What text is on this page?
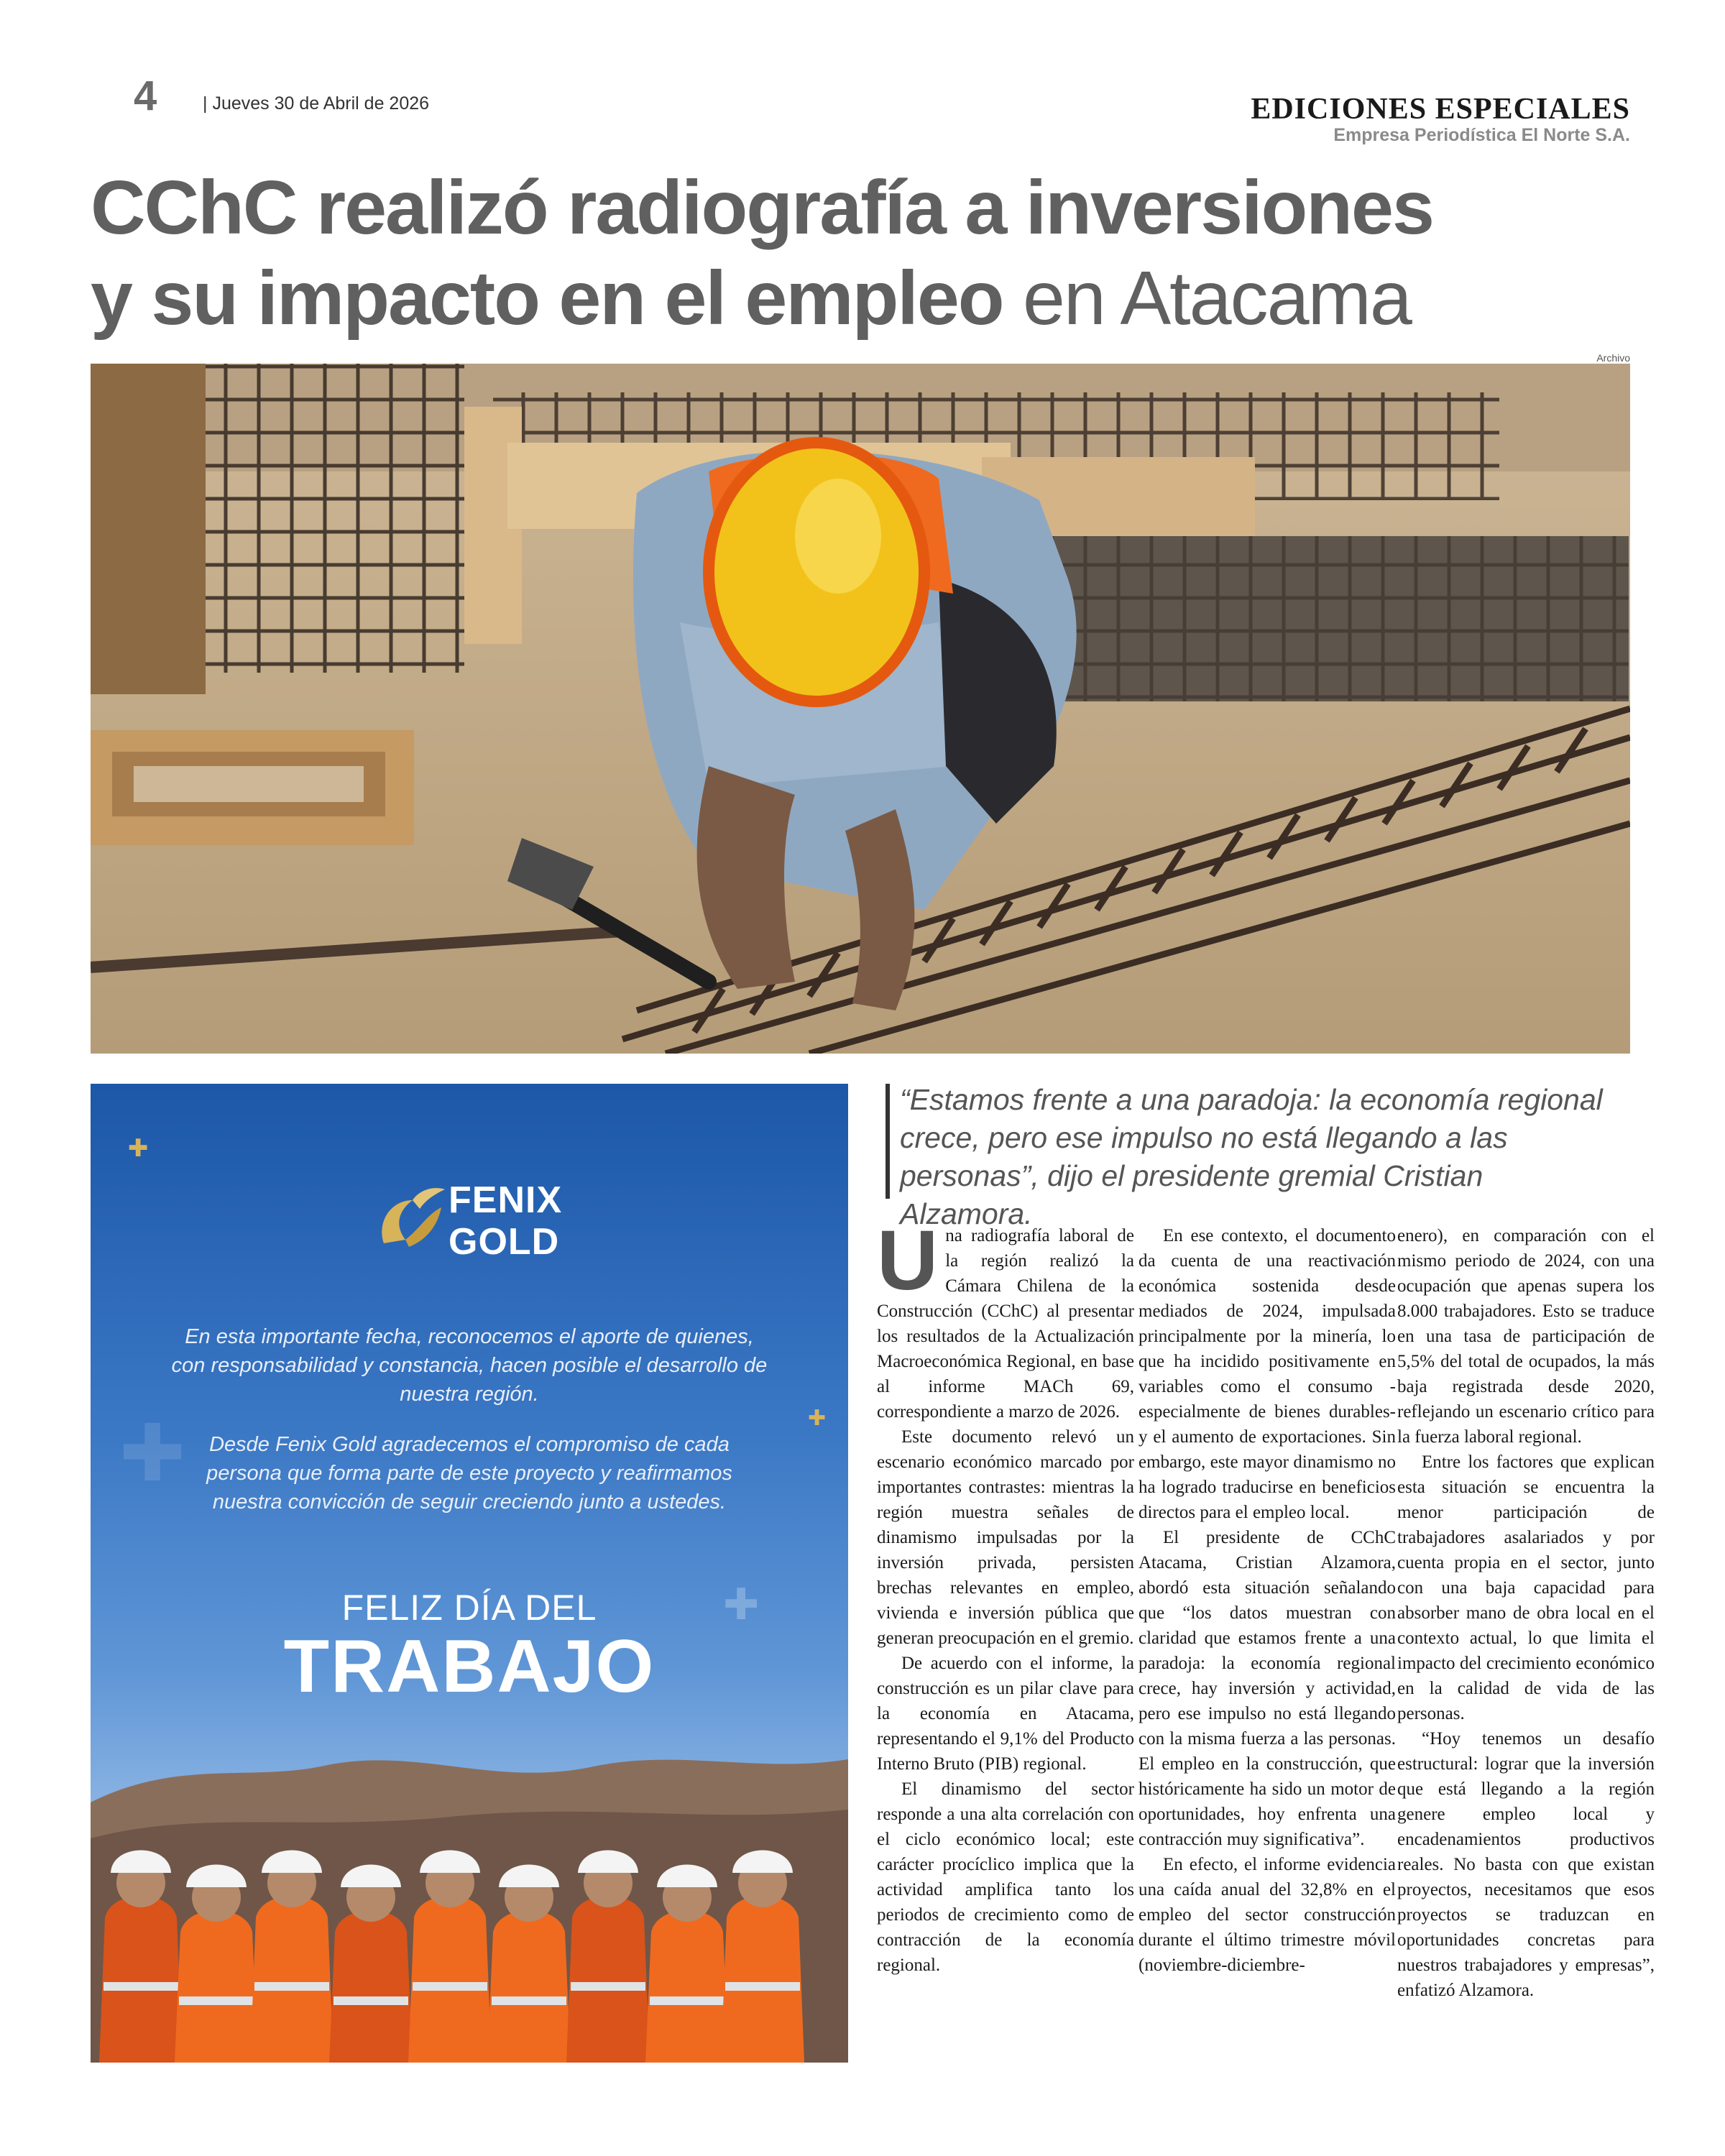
4	| Jueves 30 de Abril de 2026	EDICIONES ESPECIALES
Empresa Periodística El Norte S.A.
CChC realizó radiografía a inversiones
y su impacto en el empleo en Atacama
Archivo
✚
✚
✚
✚
FENIX
GOLD
En esta importante fecha, reconocemos el aporte de quienes, con responsabilidad y constancia, hacen posible el desarrollo de nuestra región.
Desde Fenix Gold agradecemos el compromiso de cada persona que forma parte de este proyecto y reafirmamos nuestra convicción de seguir creciendo junto a ustedes.
FELIZ DÍA DEL
TRABAJO
“Estamos frente a una paradoja: la economía regional crece, pero ese impulso no está llegando a las personas”, dijo el presidente gremial Cristian Alzamora.

Una radiografía laboral de la región realizó la Cámara Chilena de la Construcción (CChC) al presentar los resultados de la Actualización Macroeconómica Regional, en base al informe MACh 69, correspondiente a marzo de 2026.

Este documento relevó un escenario económico marcado por importantes contrastes: mientras la región muestra señales de dinamismo impulsadas por la inversión privada, persisten brechas relevantes en empleo, vivienda e inversión pública que generan preocupación en el gremio.

De acuerdo con el informe, la construcción es un pilar clave para la economía en Atacama, representando el 9,1% del Producto Interno Bruto (PIB) regional.

El dinamismo del sector responde a una alta correlación con el ciclo económico local; este carácter procíclico implica que la actividad amplifica tanto los periodos de crecimiento como de contracción de la economía regional.

En ese contexto, el documento da cuenta de una reactivación económica sostenida desde mediados de 2024, impulsada principalmente por la minería, lo que ha incidido positivamente en variables como el consumo -especialmente de bienes durables- y el aumento de exportaciones. Sin embargo, este mayor dinamismo no ha logrado traducirse en beneficios directos para el empleo local.

El presidente de CChC Atacama, Cristian Alzamora, abordó esta situación señalando que “los datos muestran con claridad que estamos frente a una paradoja: la economía regional crece, hay inversión y actividad, pero ese impulso no está llegando con la misma fuerza a las personas. El empleo en la construcción, que históricamente ha sido un motor de oportunidades, hoy enfrenta una contracción muy significativa”.

En efecto, el informe evidencia una caída anual del 32,8% en el empleo del sector construcción durante el último trimestre móvil (noviembre-diciembre-

enero), en comparación con el mismo periodo de 2024, con una ocupación que apenas supera los 8.000 trabajadores. Esto se traduce en una tasa de participación de 5,5% del total de ocupados, la más baja registrada desde 2020, reflejando un escenario crítico para la fuerza laboral regional.

Entre los factores que explican esta situación se encuentra la menor participación de trabajadores asalariados y por cuenta propia en el sector, junto con una baja capacidad para absorber mano de obra local en el contexto actual, lo que limita el impacto del crecimiento económico en la calidad de vida de las personas.

“Hoy tenemos un desafío estructural: lograr que la inversión que está llegando a la región genere empleo local y encadenamientos productivos reales. No basta con que existan proyectos, necesitamos que esos proyectos se traduzcan en oportunidades concretas para nuestros trabajadores y empresas”, enfatizó Alzamora.
